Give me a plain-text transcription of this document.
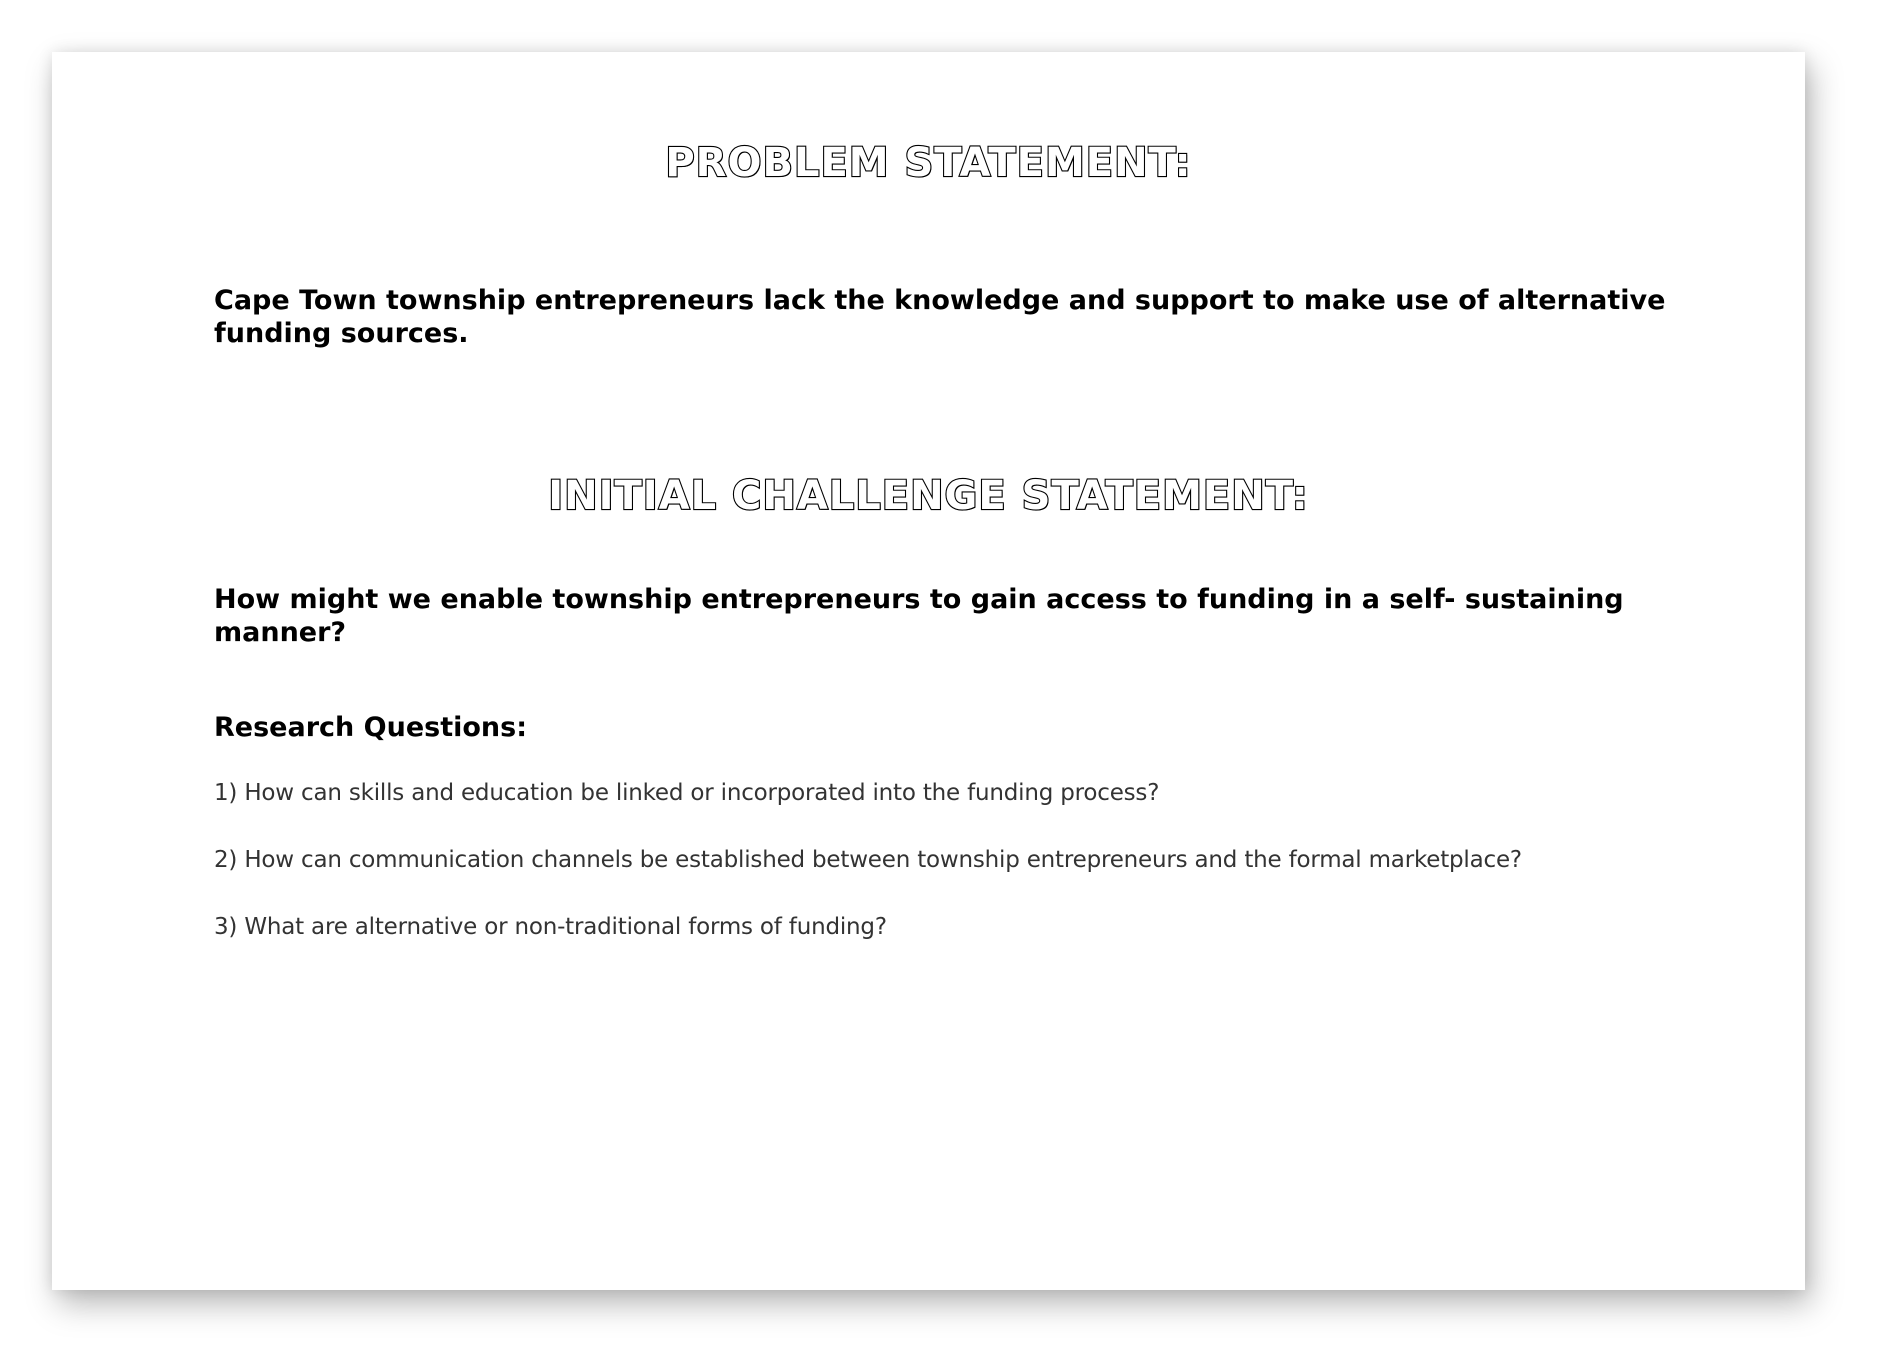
PROBLEM STATEMENT:

Cape Town township entrepreneurs lack the knowledge and support to make use of alternative funding sources.

INITIAL CHALLENGE STATEMENT:

How might we enable township entrepreneurs to gain access to funding in a self- sustaining manner?

Research Questions:

1) How can skills and education be linked or incorporated into the funding process?

2) How can communication channels be established between township entrepreneurs and the formal marketplace?

3) What are alternative or non-traditional forms of funding?
